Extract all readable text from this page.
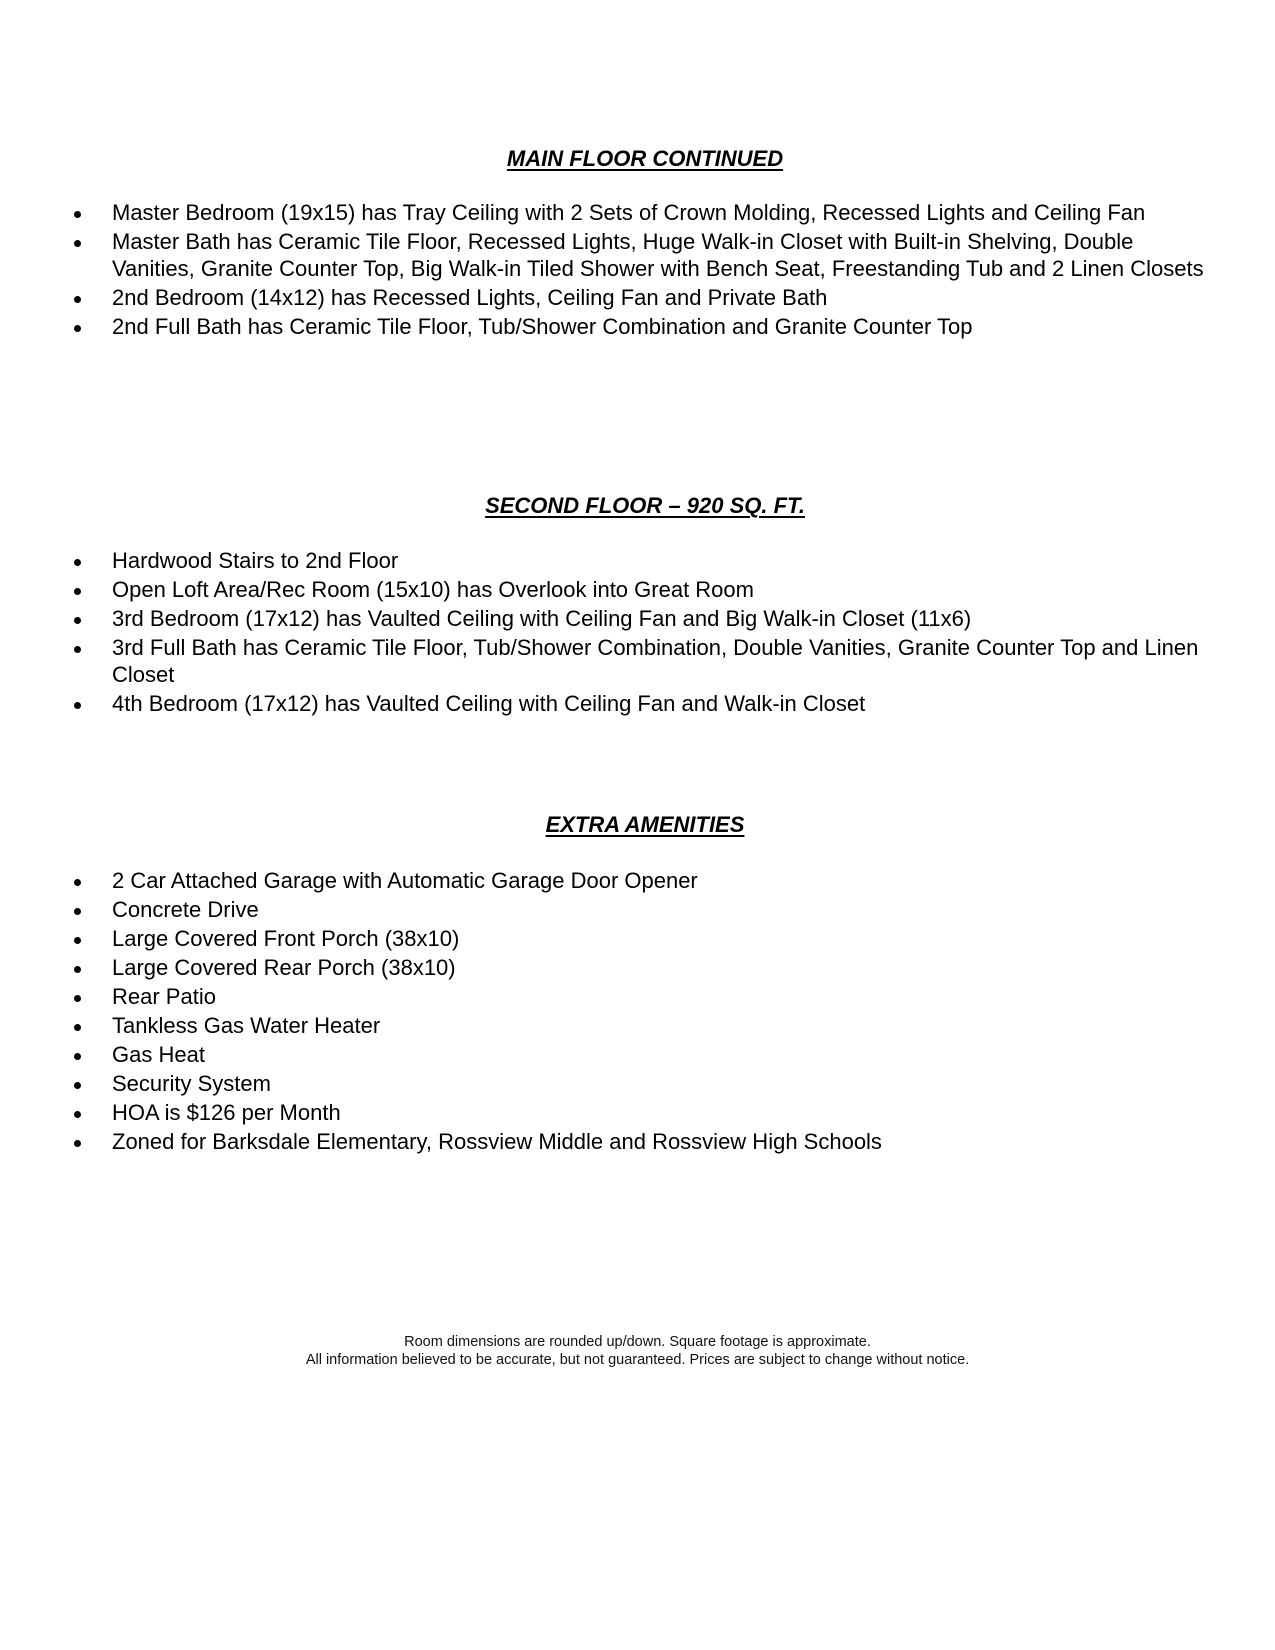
MAIN FLOOR CONTINUED
Master Bedroom (19x15) has Tray Ceiling with 2 Sets of Crown Molding, Recessed Lights and Ceiling Fan
Master Bath has Ceramic Tile Floor, Recessed Lights, Huge Walk-in Closet with Built-in Shelving, Double Vanities, Granite Counter Top, Big Walk-in Tiled Shower with Bench Seat, Freestanding Tub and 2 Linen Closets
2nd Bedroom (14x12) has Recessed Lights, Ceiling Fan and Private Bath
2nd Full Bath has Ceramic Tile Floor, Tub/Shower Combination and Granite Counter Top
SECOND FLOOR – 920 SQ. FT.
Hardwood Stairs to 2nd Floor
Open Loft Area/Rec Room (15x10) has Overlook into Great Room
3rd Bedroom (17x12) has Vaulted Ceiling with Ceiling Fan and Big Walk-in Closet (11x6)
3rd Full Bath has Ceramic Tile Floor, Tub/Shower Combination, Double Vanities, Granite Counter Top and Linen Closet
4th Bedroom (17x12) has Vaulted Ceiling with Ceiling Fan and Walk-in Closet
EXTRA AMENITIES
2 Car Attached Garage with Automatic Garage Door Opener
Concrete Drive
Large Covered Front Porch (38x10)
Large Covered Rear Porch (38x10)
Rear Patio
Tankless Gas Water Heater
Gas Heat
Security System
HOA is $126 per Month
Zoned for Barksdale Elementary, Rossview Middle and Rossview High Schools
Room dimensions are rounded up/down. Square footage is approximate.
All information believed to be accurate, but not guaranteed. Prices are subject to change without notice.
